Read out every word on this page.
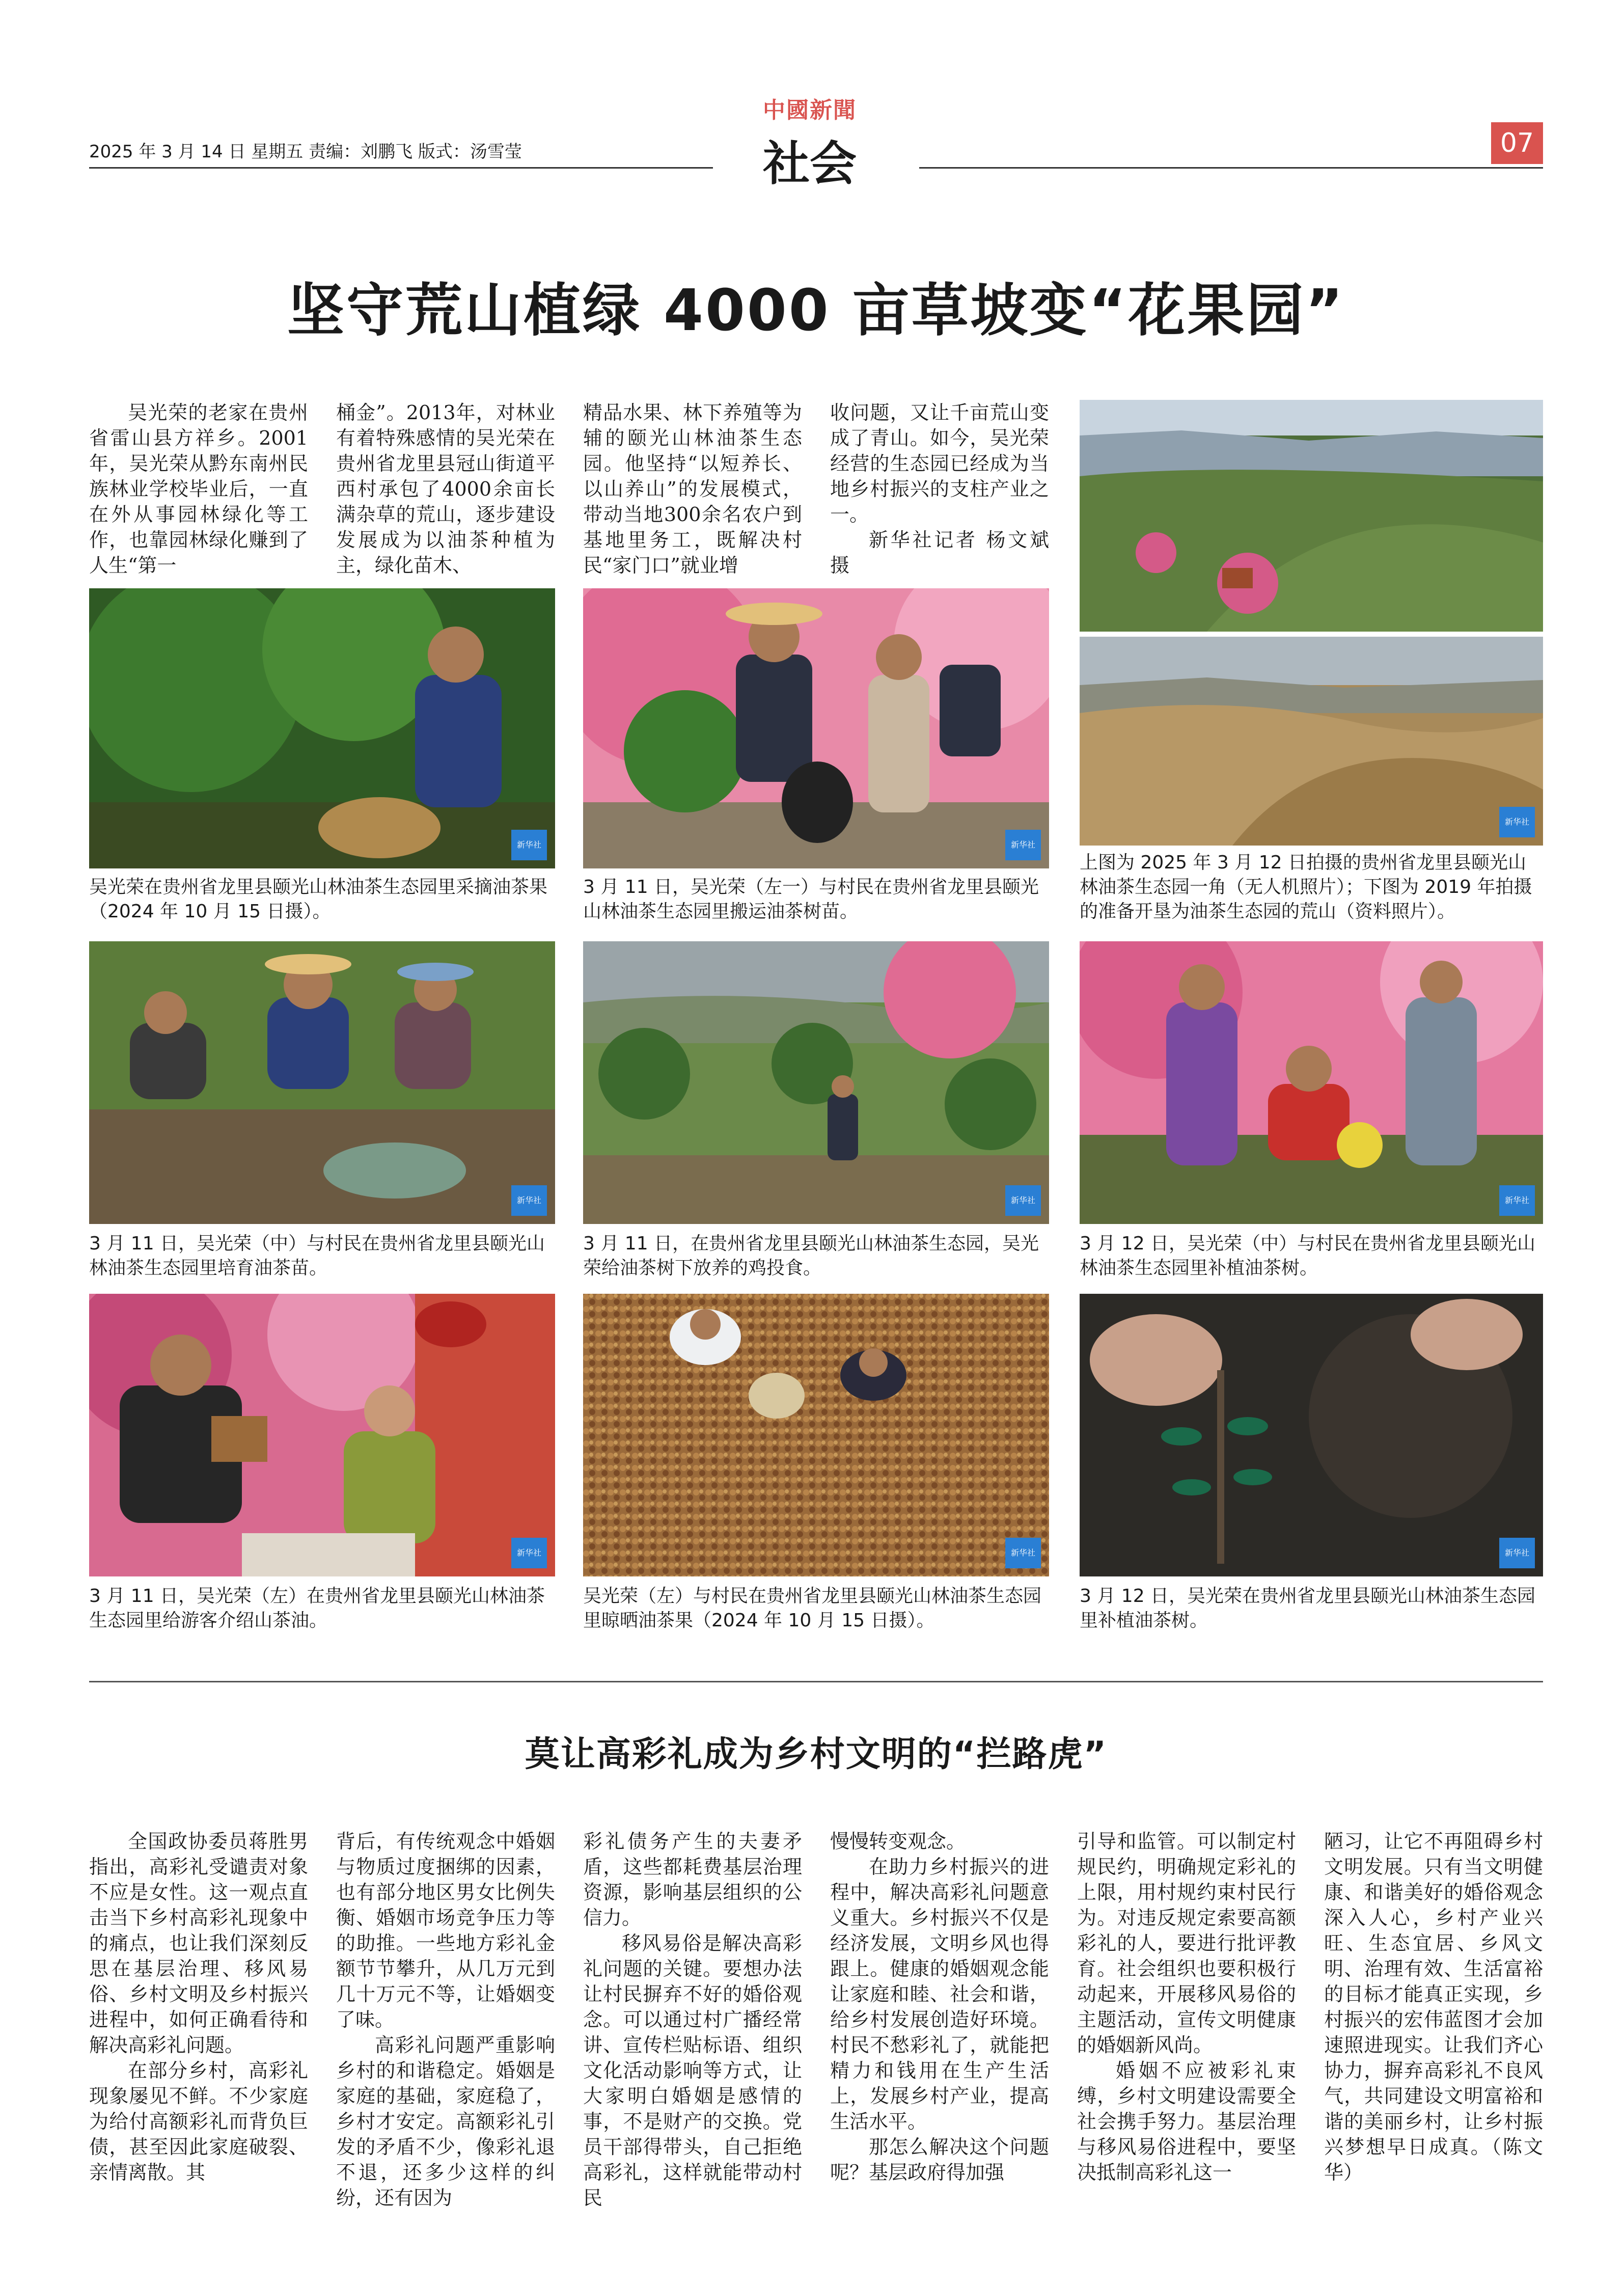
2025 年 3 月 14 日 星期五 责编：刘鹏飞 版式：汤雪莹
中國新聞
社会	07
坚守荒山植绿 4000 亩草坡变“花果园”

吴光荣的老家在贵州省雷山县方祥乡。2001年，吴光荣从黔东南州民族林业学校毕业后，一直在外从事园林绿化等工作，也靠园林绿化赚到了人生“第一

桶金”。2013年，对林业有着特殊感情的吴光荣在贵州省龙里县冠山街道平西村承包了4000余亩长满杂草的荒山，逐步建设发展成为以油茶种植为主，绿化苗木、

精品水果、林下养殖等为辅的颐光山林油茶生态园。他坚持“以短养长、以山养山”的发展模式，带动当地300余名农户到基地里务工，既解决村民“家门口”就业增

收问题，又让千亩荒山变成了青山。如今，吴光荣经营的生态园已经成为当地乡村振兴的支柱产业之一。

新华社记者 杨文斌 摄

新华社
吴光荣在贵州省龙里县颐光山林油茶生态园里采摘油茶果（2024 年 10 月 15 日摄）。
新华社
3 月 11 日，吴光荣（左一）与村民在贵州省龙里县颐光山林油茶生态园里搬运油茶树苗。
新华社
上图为 2025 年 3 月 12 日拍摄的贵州省龙里县颐光山林油茶生态园一角（无人机照片）；下图为 2019 年拍摄的准备开垦为油茶生态园的荒山（资料照片）。
新华社
3 月 11 日，吴光荣（中）与村民在贵州省龙里县颐光山林油茶生态园里培育油茶苗。
新华社
3 月 11 日，在贵州省龙里县颐光山林油茶生态园，吴光荣给油茶树下放养的鸡投食。
新华社
3 月 12 日，吴光荣（中）与村民在贵州省龙里县颐光山林油茶生态园里补植油茶树。
新华社
3 月 11 日，吴光荣（左）在贵州省龙里县颐光山林油茶生态园里给游客介绍山茶油。
新华社
吴光荣（左）与村民在贵州省龙里县颐光山林油茶生态园里晾晒油茶果（2024 年 10 月 15 日摄）。
新华社
3 月 12 日，吴光荣在贵州省龙里县颐光山林油茶生态园里补植油茶树。
莫让高彩礼成为乡村文明的“拦路虎”

全国政协委员蒋胜男指出，高彩礼受谴责对象不应是女性。这一观点直击当下乡村高彩礼现象中的痛点，也让我们深刻反思在基层治理、移风易俗、乡村文明及乡村振兴进程中，如何正确看待和解决高彩礼问题。

在部分乡村，高彩礼现象屡见不鲜。不少家庭为给付高额彩礼而背负巨债，甚至因此家庭破裂、亲情离散。其

背后，有传统观念中婚姻与物质过度捆绑的因素，也有部分地区男女比例失衡、婚姻市场竞争压力等的助推。一些地方彩礼金额节节攀升，从几万元到几十万元不等，让婚姻变了味。

高彩礼问题严重影响乡村的和谐稳定。婚姻是家庭的基础，家庭稳了，乡村才安定。高额彩礼引发的矛盾不少，像彩礼退不退，还多少这样的纠纷，还有因为

彩礼债务产生的夫妻矛盾，这些都耗费基层治理资源，影响基层组织的公信力。

移风易俗是解决高彩礼问题的关键。要想办法让村民摒弃不好的婚俗观念。可以通过村广播经常讲、宣传栏贴标语、组织文化活动影响等方式，让大家明白婚姻是感情的事，不是财产的交换。党员干部得带头，自己拒绝高彩礼，这样就能带动村民

慢慢转变观念。

在助力乡村振兴的进程中，解决高彩礼问题意义重大。乡村振兴不仅是经济发展，文明乡风也得跟上。健康的婚姻观念能让家庭和睦、社会和谐，给乡村发展创造好环境。村民不愁彩礼了，就能把精力和钱用在生产生活上，发展乡村产业，提高生活水平。

那怎么解决这个问题呢？基层政府得加强

引导和监管。可以制定村规民约，明确规定彩礼的上限，用村规约束村民行为。对违反规定索要高额彩礼的人，要进行批评教育。社会组织也要积极行动起来，开展移风易俗的主题活动，宣传文明健康的婚姻新风尚。

婚姻不应被彩礼束缚，乡村文明建设需要全社会携手努力。基层治理与移风易俗进程中，要坚决抵制高彩礼这一

陋习，让它不再阻碍乡村文明发展。只有当文明健康、和谐美好的婚俗观念深入人心，乡村产业兴旺、生态宜居、乡风文明、治理有效、生活富裕的目标才能真正实现，乡村振兴的宏伟蓝图才会加速照进现实。让我们齐心协力，摒弃高彩礼不良风气，共同建设文明富裕和谐的美丽乡村，让乡村振兴梦想早日成真。（陈文华）
